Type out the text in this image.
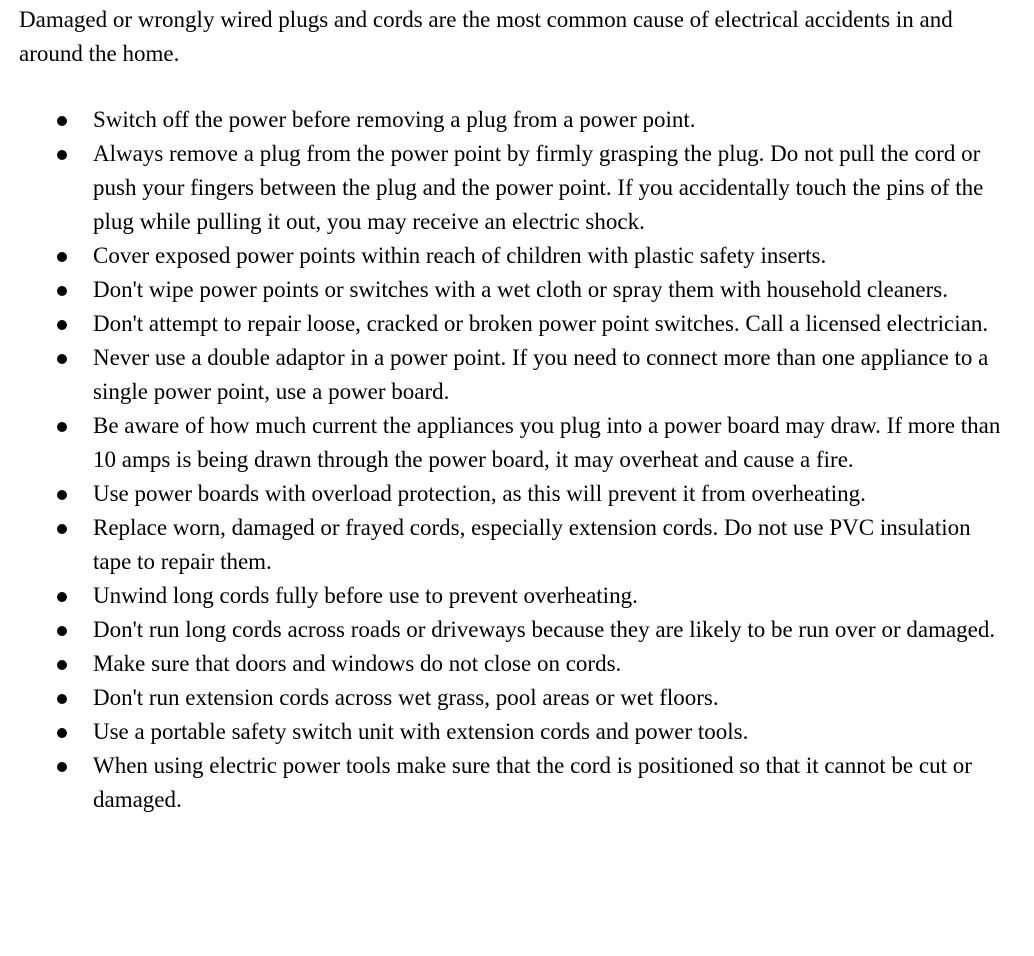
Damaged or wrongly wired plugs and cords are the most common cause of electrical accidents in and around the home.

Switch off the power before removing a plug from a power point.
Always remove a plug from the power point by firmly grasping the plug. Do not pull the cord or push your fingers between the plug and the power point. If you accidentally touch the pins of the plug while pulling it out, you may receive an electric shock.
Cover exposed power points within reach of children with plastic safety inserts.
Don't wipe power points or switches with a wet cloth or spray them with household cleaners.
Don't attempt to repair loose, cracked or broken power point switches. Call a licensed electrician.
Never use a double adaptor in a power point. If you need to connect more than one appliance to a single power point, use a power board.
Be aware of how much current the appliances you plug into a power board may draw. If more than 10 amps is being drawn through the power board, it may overheat and cause a fire.
Use power boards with overload protection, as this will prevent it from overheating.
Replace worn, damaged or frayed cords, especially extension cords. Do not use PVC insulation tape to repair them.
Unwind long cords fully before use to prevent overheating.
Don't run long cords across roads or driveways because they are likely to be run over or damaged.
Make sure that doors and windows do not close on cords.
Don't run extension cords across wet grass, pool areas or wet floors.
Use a portable safety switch unit with extension cords and power tools.
When using electric power tools make sure that the cord is positioned so that it cannot be cut or damaged.
